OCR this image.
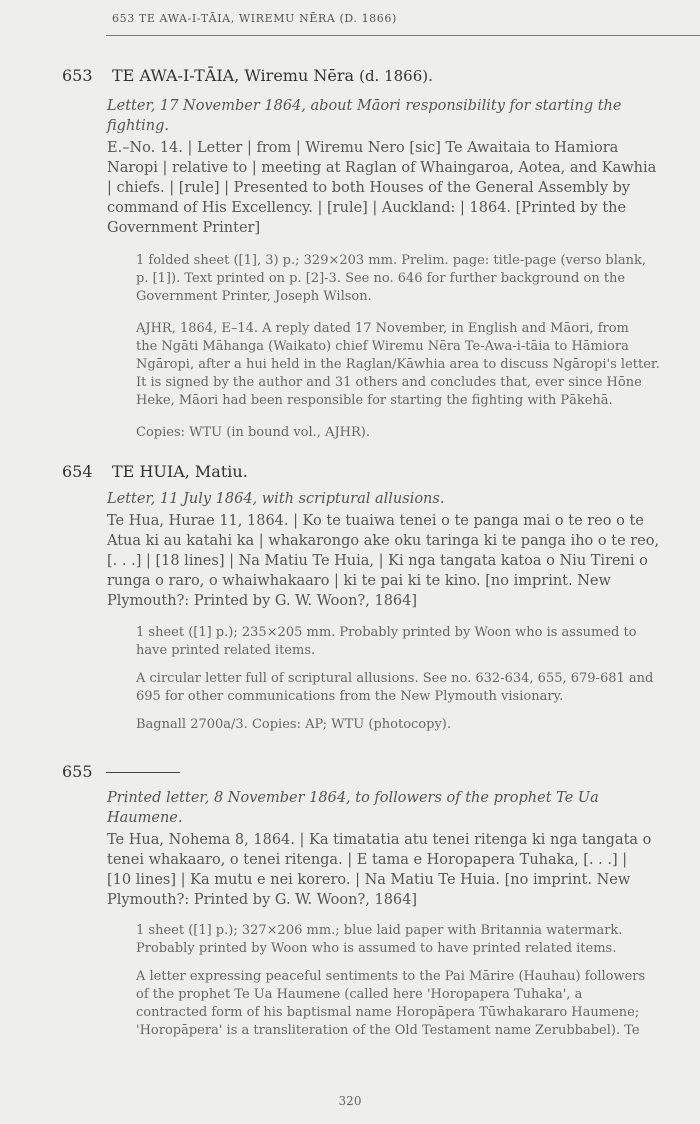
653 TE AWA-I-TĀIA, WIREMU NĒRA (D. 1866)
653 TE AWA-I-TĀIA, Wiremu Nēra (d. 1866).
Letter, 17 November 1864, about Māori responsibility for starting the
fighting.
E.–No. 14. | Letter | from | Wiremu Nero [sic] Te Awaitaia to Hamiora
Naropi | relative to | meeting at Raglan of Whaingaroa, Aotea, and Kawhia
| chiefs. | [rule] | Presented to both Houses of the General Assembly by
command of His Excellency. | [rule] | Auckland: | 1864. [Printed by the
Government Printer]
1 folded sheet ([1], 3) p.; 329×203 mm. Prelim. page: title-page (verso blank,
p. [1]). Text printed on p. [2]-3. See no. 646 for further background on the
Government Printer, Joseph Wilson.
AJHR, 1864, E–14. A reply dated 17 November, in English and Māori, from
the Ngāti Māhanga (Waikato) chief Wiremu Nēra Te-Awa-i-tāia to Hāmiora
Ngāropi, after a hui held in the Raglan/Kāwhia area to discuss Ngāropi's letter.
It is signed by the author and 31 others and concludes that, ever since Hōne
Heke, Māori had been responsible for starting the fighting with Pākehā.
Copies: WTU (in bound vol., AJHR).
654 TE HUIA, Matiu.
Letter, 11 July 1864, with scriptural allusions.
Te Hua, Hurae 11, 1864. | Ko te tuaiwa tenei o te panga mai o te reo o te
Atua ki au katahi ka | whakarongo ake oku taringa ki te panga iho o te reo,
[. . .] | [18 lines] | Na Matiu Te Huia, | Ki nga tangata katoa o Niu Tireni o
runga o raro, o whaiwhakaaro | ki te pai ki te kino. [no imprint. New
Plymouth?: Printed by G. W. Woon?, 1864]
1 sheet ([1] p.); 235×205 mm. Probably printed by Woon who is assumed to
have printed related items.
A circular letter full of scriptural allusions. See no. 632-634, 655, 679-681 and
695 for other communications from the New Plymouth visionary.
Bagnall 2700a/3. Copies: AP; WTU (photocopy).
655
Printed letter, 8 November 1864, to followers of the prophet Te Ua
Haumene.
Te Hua, Nohema 8, 1864. | Ka timatatia atu tenei ritenga ki nga tangata o
tenei whakaaro, o tenei ritenga. | E tama e Horopapera Tuhaka, [. . .] |
[10 lines] | Ka mutu e nei korero. | Na Matiu Te Huia. [no imprint. New
Plymouth?: Printed by G. W. Woon?, 1864]
1 sheet ([1] p.); 327×206 mm.; blue laid paper with Britannia watermark.
Probably printed by Woon who is assumed to have printed related items.
A letter expressing peaceful sentiments to the Pai Mārire (Hauhau) followers
of the prophet Te Ua Haumene (called here 'Horopapera Tuhaka', a
contracted form of his baptismal name Horopāpera Tūwhakararo Haumene;
'Horopāpera' is a transliteration of the Old Testament name Zerubbabel). Te
320
